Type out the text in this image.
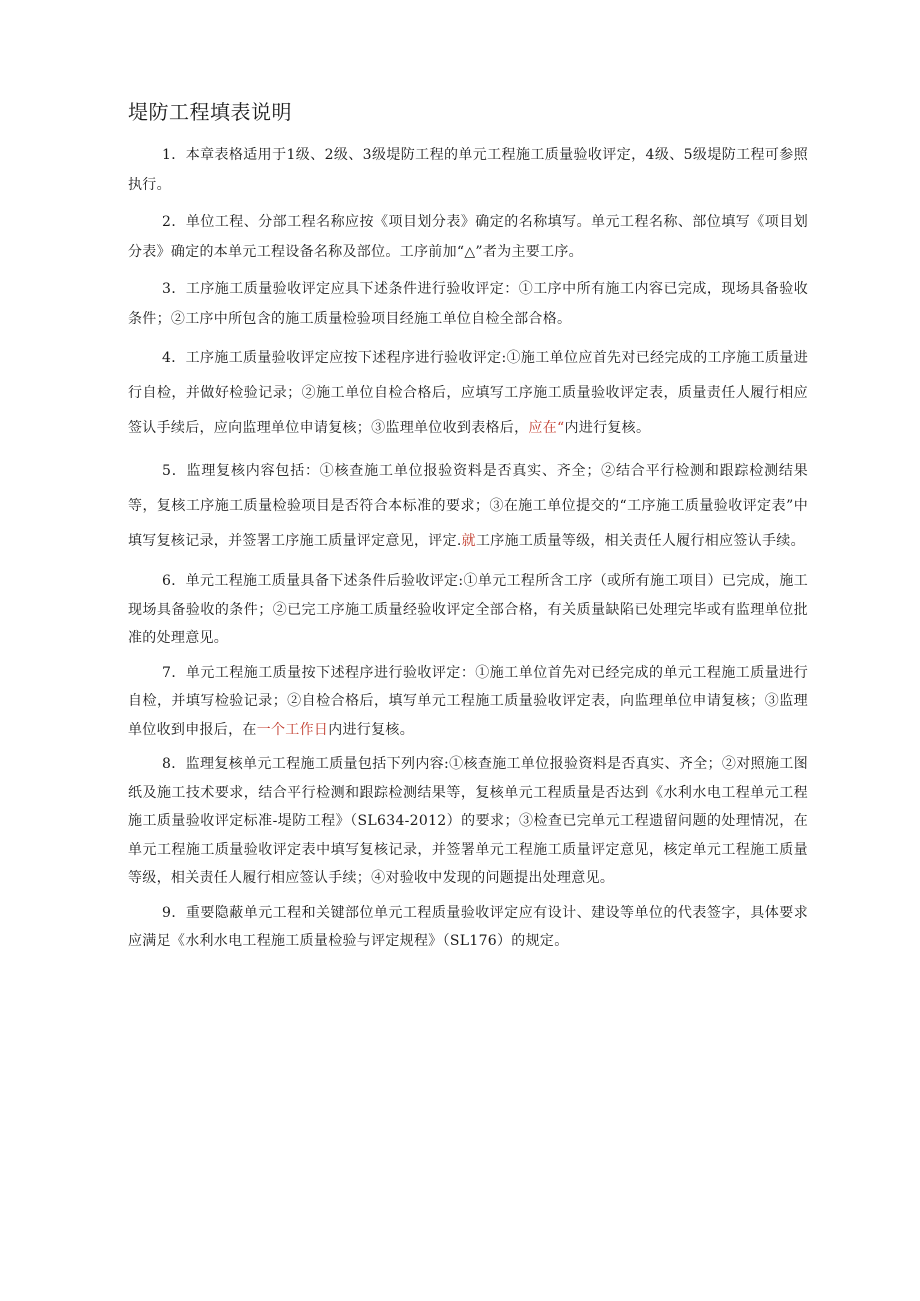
堤防工程填表说明

1．本章表格适用于1级、2级、3级堤防工程的单元工程施工质量验收评定，4级、5级堤防工程可参照执行。

2．单位工程、分部工程名称应按《项目划分表》确定的名称填写。单元工程名称、部位填写《项目划分表》确定的本单元工程设备名称及部位。工序前加“△”者为主要工序。

3．工序施工质量验收评定应具下述条件进行验收评定：①工序中所有施工内容已完成，现场具备验收条件；②工序中所包含的施工质量检验项目经施工单位自检全部合格。

4．工序施工质量验收评定应按下述程序进行验收评定:①施工单位应首先对已经完成的工序施工质量进行自检，并做好检验记录；②施工单位自检合格后，应填写工序施工质量验收评定表，质量责任人履行相应签认手续后，应向监理单位申请复核；③监理单位收到表格后，应在“内进行复核。

5．监理复核内容包括：①核查施工单位报验资料是否真实、齐全；②结合平行检测和跟踪检测结果等，复核工序施工质量检验项目是否符合本标准的要求；③在施工单位提交的“工序施工质量验收评定表”中填写复核记录，并签署工序施工质量评定意见，评定.就工序施工质量等级，相关责任人履行相应签认手续。

6．单元工程施工质量具备下述条件后验收评定:①单元工程所含工序（或所有施工项目）已完成，施工现场具备验收的条件；②已完工序施工质量经验收评定全部合格，有关质量缺陷已处理完毕或有监理单位批准的处理意见。

7．单元工程施工质量按下述程序进行验收评定：①施工单位首先对已经完成的单元工程施工质量进行自检，并填写检验记录；②自检合格后，填写单元工程施工质量验收评定表，向监理单位申请复核；③监理单位收到申报后，在一个工作日内进行复核。

8．监理复核单元工程施工质量包括下列内容:①核查施工单位报验资料是否真实、齐全；②对照施工图纸及施工技术要求，结合平行检测和跟踪检测结果等，复核单元工程质量是否达到《水利水电工程单元工程施工质量验收评定标准-堤防工程》（SL634-2012）的要求；③检查已完单元工程遗留问题的处理情况，在单元工程施工质量验收评定表中填写复核记录，并签署单元工程施工质量评定意见，核定单元工程施工质量等级，相关责任人履行相应签认手续；④对验收中发现的问题提出处理意见。

9．重要隐蔽单元工程和关键部位单元工程质量验收评定应有设计、建设等单位的代表签字，具体要求应满足《水利水电工程施工质量检验与评定规程》（SL176）的规定。
